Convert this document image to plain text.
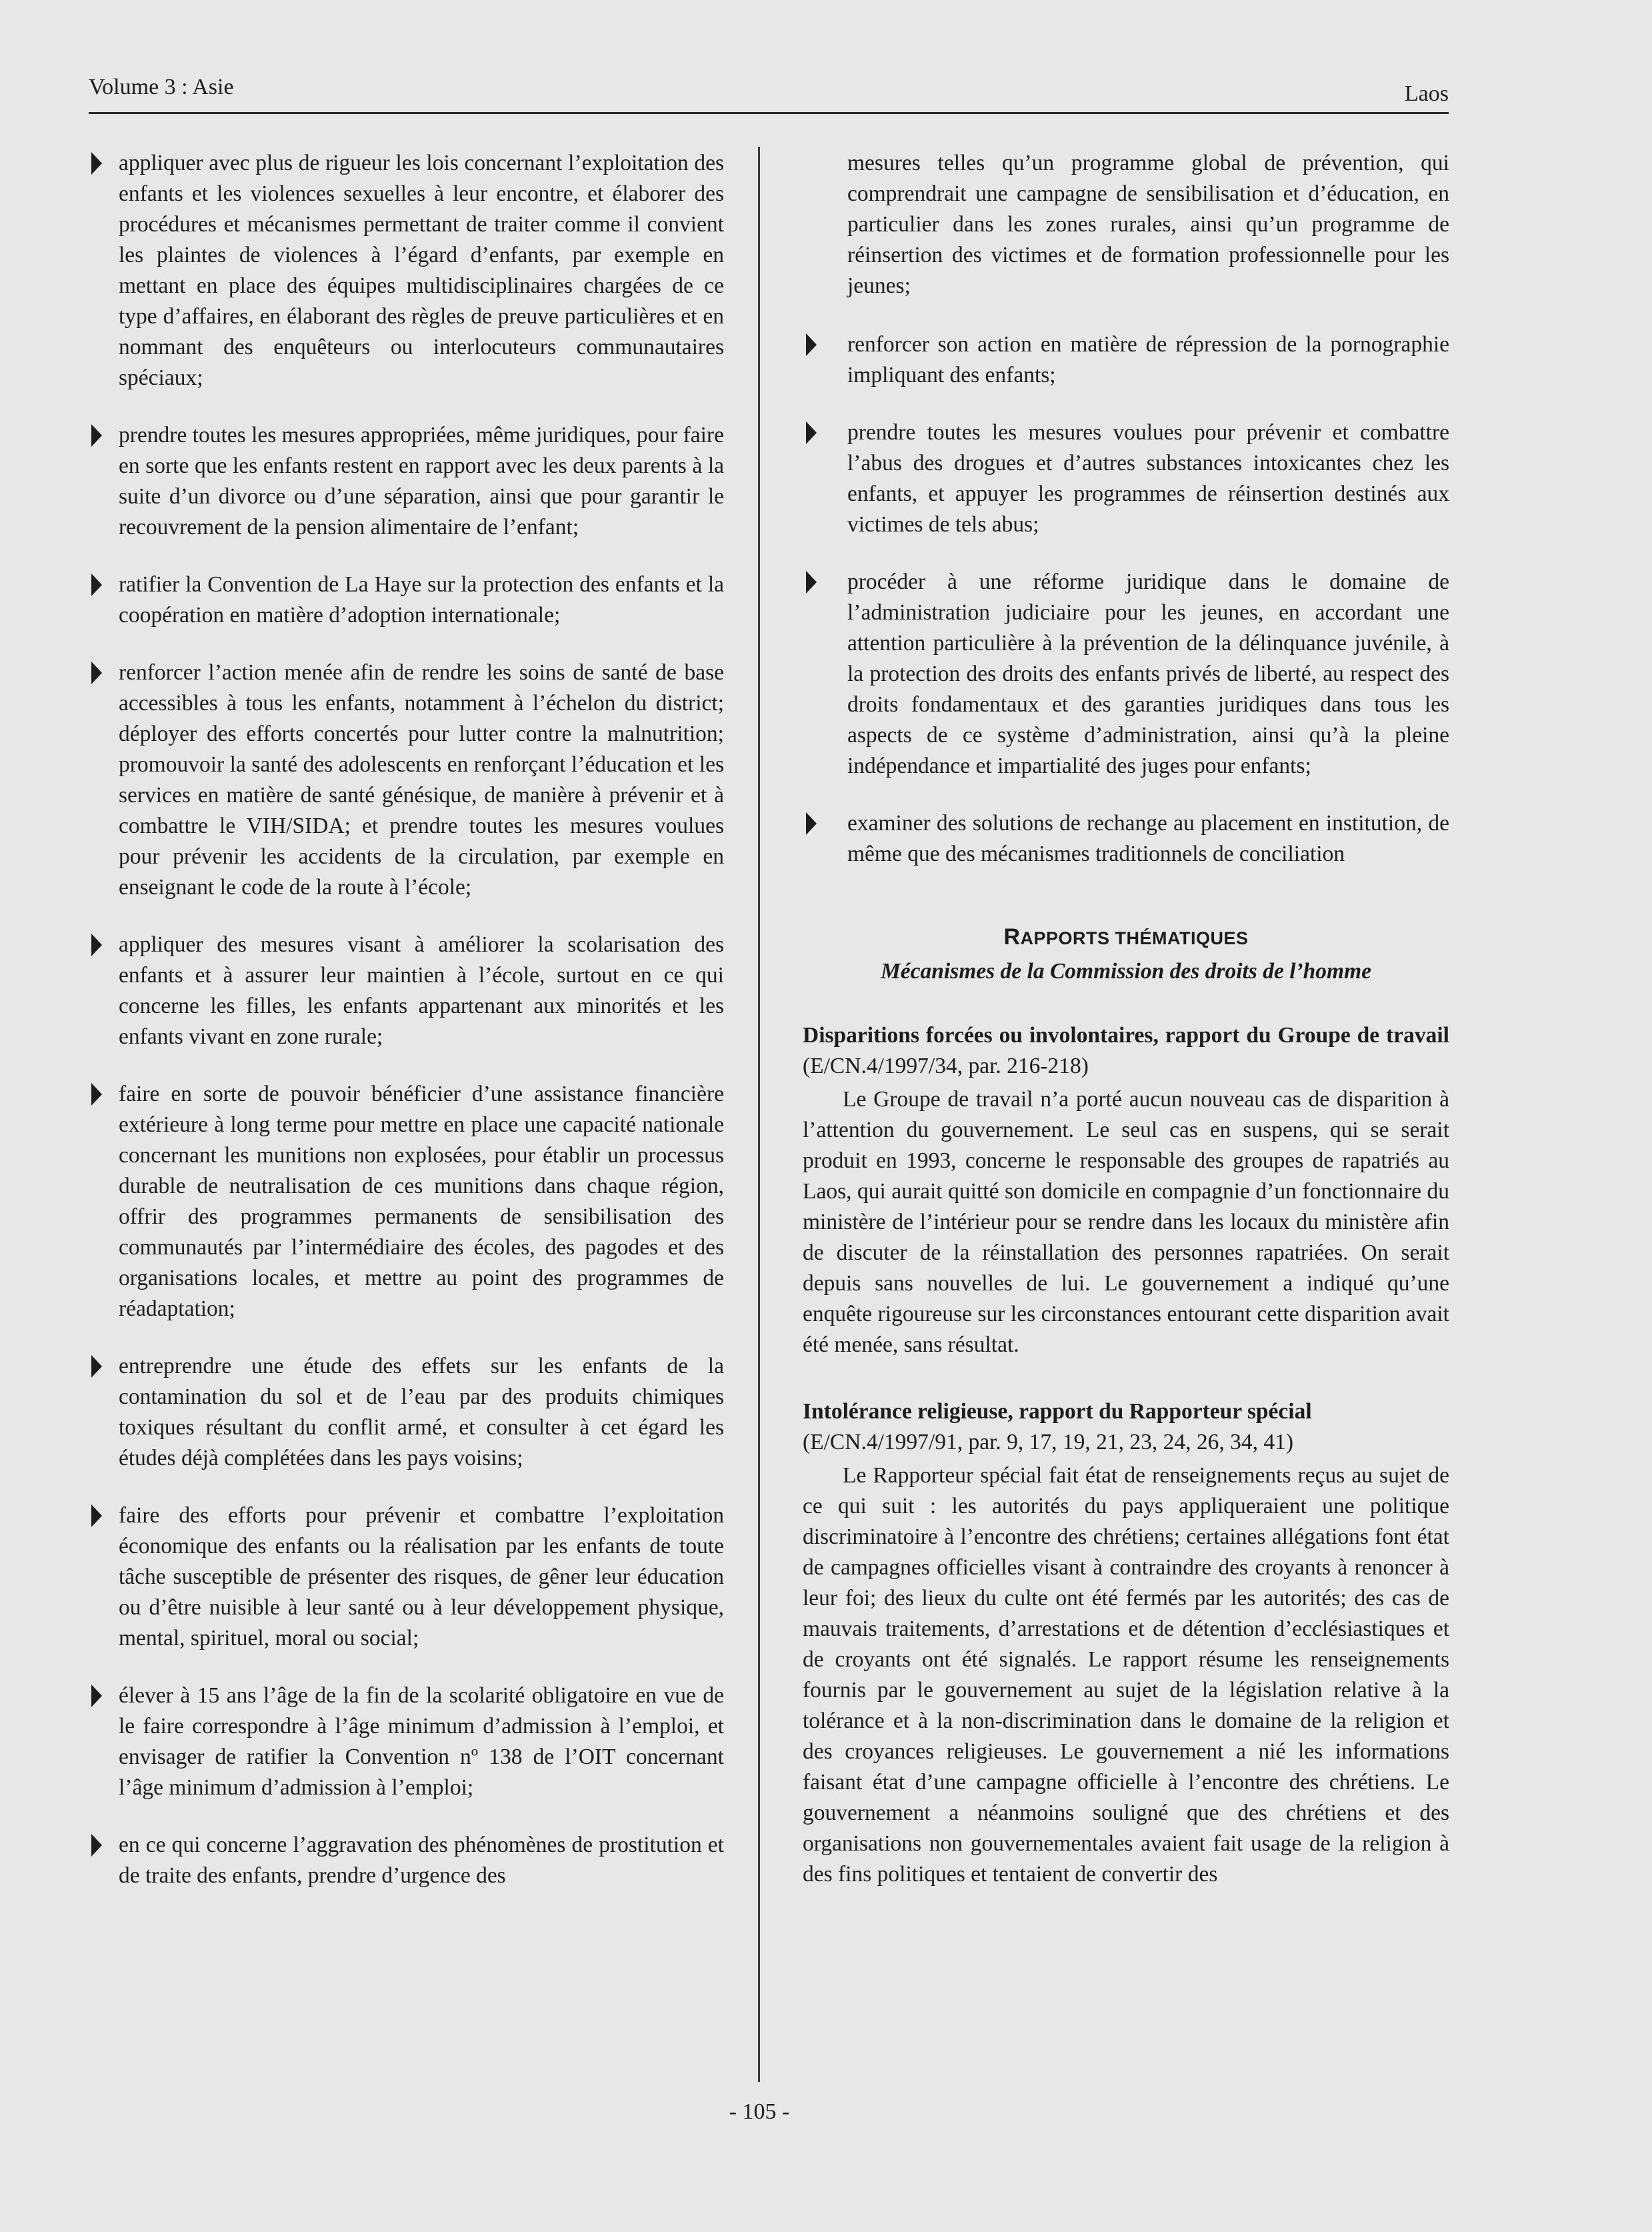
Volume 3 : Asie	Laos

appliquer avec plus de rigueur les lois concernant l’exploitation des enfants et les violences sexuelles à leur encontre, et élaborer des procédures et mécanismes permettant de traiter comme il convient les plaintes de violences à l’égard d’enfants, par exemple en mettant en place des équipes multidisciplinaires chargées de ce type d’affaires, en élaborant des règles de preuve particulières et en nommant des enquêteurs ou interlocuteurs communautaires spéciaux;

prendre toutes les mesures appropriées, même juridiques, pour faire en sorte que les enfants restent en rapport avec les deux parents à la suite d’un divorce ou d’une séparation, ainsi que pour garantir le recouvrement de la pension alimentaire de l’enfant;

ratifier la Convention de La Haye sur la protection des enfants et la coopération en matière d’adoption internationale;

renforcer l’action menée afin de rendre les soins de santé de base accessibles à tous les enfants, notamment à l’échelon du district; déployer des efforts concertés pour lutter contre la malnutrition; promouvoir la santé des adolescents en renforçant l’éducation et les services en matière de santé génésique, de manière à prévenir et à combattre le VIH/SIDA; et prendre toutes les mesures voulues pour prévenir les accidents de la circulation, par exemple en enseignant le code de la route à l’école;

appliquer des mesures visant à améliorer la scolarisation des enfants et à assurer leur maintien à l’école, surtout en ce qui concerne les filles, les enfants appartenant aux minorités et les enfants vivant en zone rurale;

faire en sorte de pouvoir bénéficier d’une assistance financière extérieure à long terme pour mettre en place une capacité nationale concernant les munitions non explosées, pour établir un processus durable de neutralisation de ces munitions dans chaque région, offrir des programmes permanents de sensibilisation des communautés par l’intermédiaire des écoles, des pagodes et des organisations locales, et mettre au point des programmes de réadaptation;

entreprendre une étude des effets sur les enfants de la contamination du sol et de l’eau par des produits chimiques toxiques résultant du conflit armé, et consulter à cet égard les études déjà complétées dans les pays voisins;

faire des efforts pour prévenir et combattre l’exploitation économique des enfants ou la réalisation par les enfants de toute tâche susceptible de présenter des risques, de gêner leur éducation ou d’être nuisible à leur santé ou à leur développement physique, mental, spirituel, moral ou social;

élever à 15 ans l’âge de la fin de la scolarité obligatoire en vue de le faire correspondre à l’âge minimum d’admission à l’emploi, et envisager de ratifier la Convention nº 138 de l’OIT concernant l’âge minimum d’admission à l’emploi;

en ce qui concerne l’aggravation des phénomènes de prostitution et de traite des enfants, prendre d’urgence des

mesures telles qu’un programme global de prévention, qui comprendrait une campagne de sensibilisation et d’éducation, en particulier dans les zones rurales, ainsi qu’un programme de réinsertion des victimes et de formation professionnelle pour les jeunes;

renforcer son action en matière de répression de la pornographie impliquant des enfants;

prendre toutes les mesures voulues pour prévenir et combattre l’abus des drogues et d’autres substances intoxicantes chez les enfants, et appuyer les programmes de réinsertion destinés aux victimes de tels abus;

procéder à une réforme juridique dans le domaine de l’administration judiciaire pour les jeunes, en accordant une attention particulière à la prévention de la délinquance juvénile, à la protection des droits des enfants privés de liberté, au respect des droits fondamentaux et des garanties juridiques dans tous les aspects de ce système d’administration, ainsi qu’à la pleine indépendance et impartialité des juges pour enfants;

examiner des solutions de rechange au placement en institution, de même que des mécanismes traditionnels de conciliation

RAPPORTS THÉMATIQUES
Mécanismes de la Commission des droits de l’homme

Disparitions forcées ou involontaires, rapport du Groupe de travail (E/CN.4/1997/34, par. 216-218)

Le Groupe de travail n’a porté aucun nouveau cas de disparition à l’attention du gouvernement. Le seul cas en suspens, qui se serait produit en 1993, concerne le responsable des groupes de rapatriés au Laos, qui aurait quitté son domicile en compagnie d’un fonctionnaire du ministère de l’intérieur pour se rendre dans les locaux du ministère afin de discuter de la réinstallation des personnes rapatriées. On serait depuis sans nouvelles de lui. Le gouvernement a indiqué qu’une enquête rigoureuse sur les circonstances entourant cette disparition avait été menée, sans résultat.

Intolérance religieuse, rapport du Rapporteur spécial
(E/CN.4/1997/91, par. 9, 17, 19, 21, 23, 24, 26, 34, 41)

Le Rapporteur spécial fait état de renseignements reçus au sujet de ce qui suit : les autorités du pays appliqueraient une politique discriminatoire à l’encontre des chrétiens; certaines allégations font état de campagnes officielles visant à contraindre des croyants à renoncer à leur foi; des lieux du culte ont été fermés par les autorités; des cas de mauvais traitements, d’arrestations et de détention d’ecclésiastiques et de croyants ont été signalés. Le rapport résume les renseignements fournis par le gouvernement au sujet de la législation relative à la tolérance et à la non-discrimination dans le domaine de la religion et des croyances religieuses. Le gouvernement a nié les informations faisant état d’une campagne officielle à l’encontre des chrétiens. Le gouvernement a néanmoins souligné que des chrétiens et des organisations non gouvernementales avaient fait usage de la religion à des fins politiques et tentaient de convertir des

- 105 -
